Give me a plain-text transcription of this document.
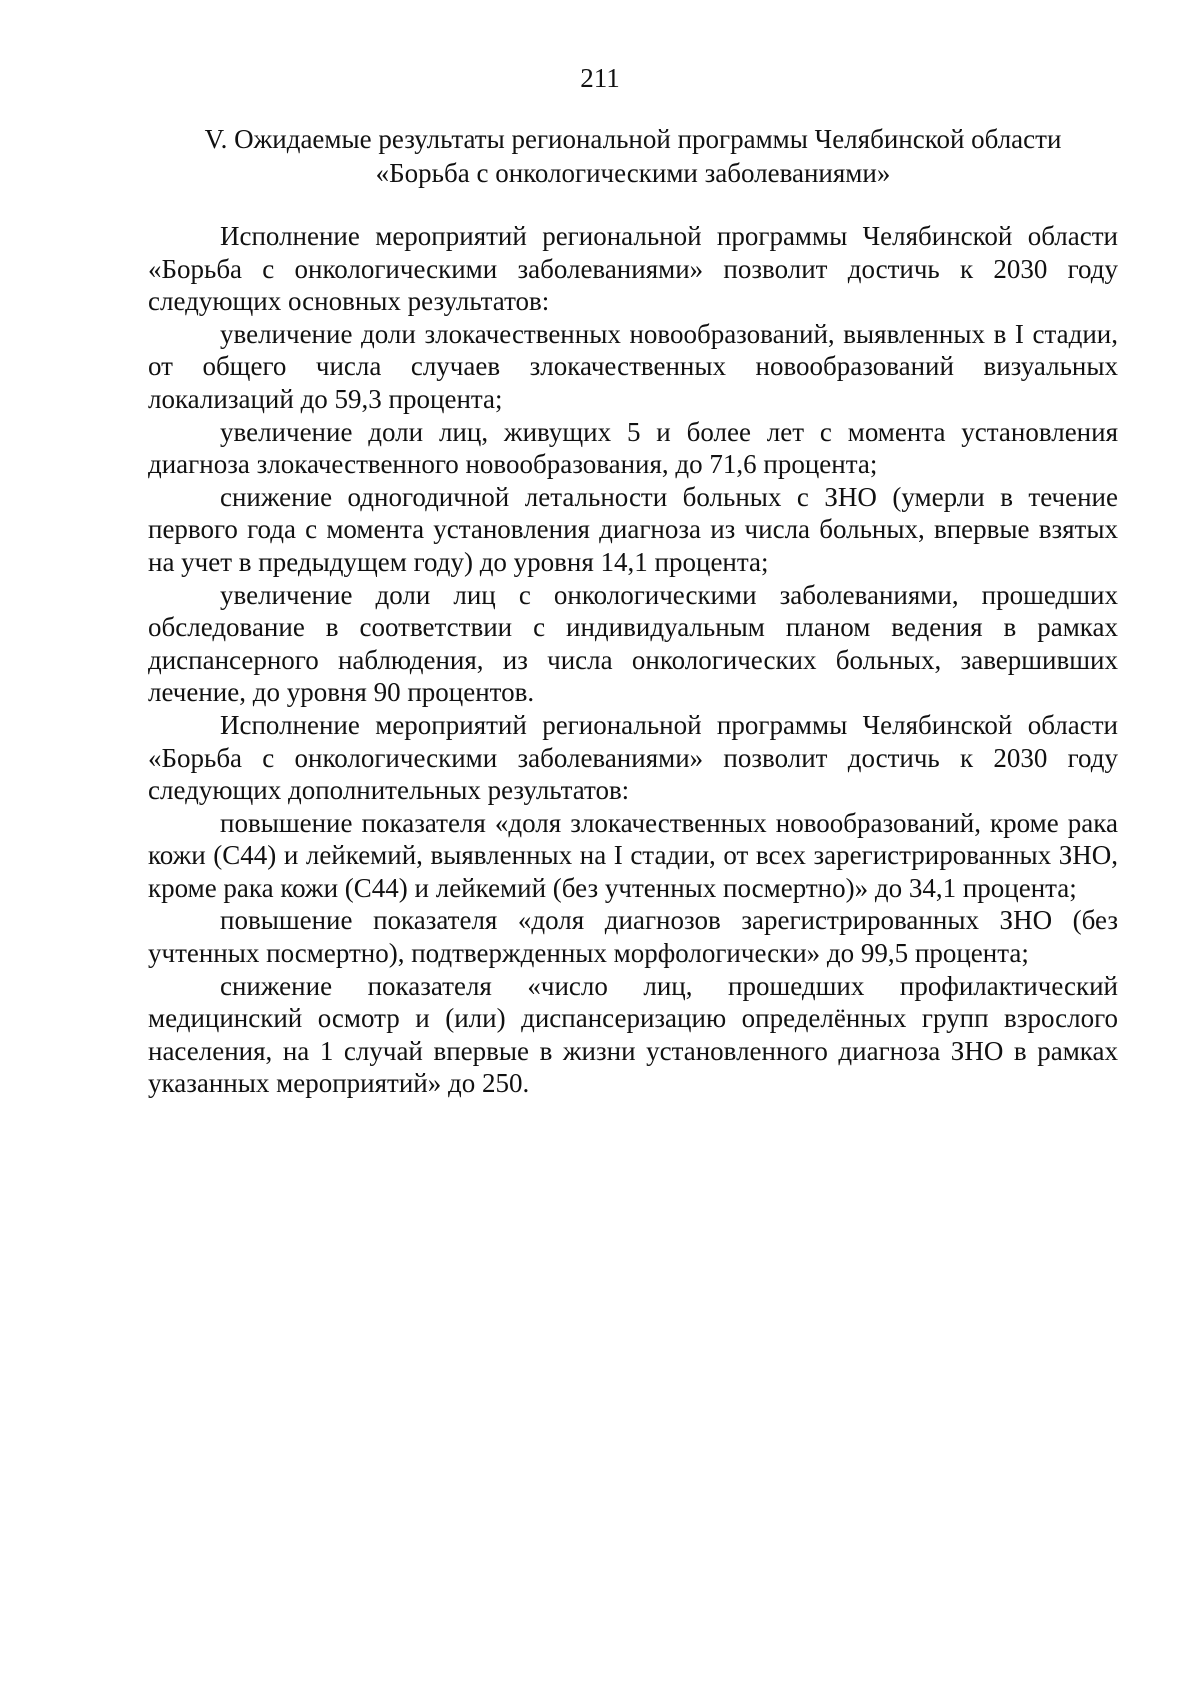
211
V. Ожидаемые результаты региональной программы Челябинской области
«Борьба с онкологическими заболеваниями»

Исполнение мероприятий региональной программы Челябинской области «Борьба с онкологическими заболеваниями» позволит достичь к 2030 году следующих основных результатов:

увеличение доли злокачественных новообразований, выявленных в I стадии, от общего числа случаев злокачественных новообразований визуальных локализаций до 59,3 процента;

увеличение доли лиц, живущих 5 и более лет с момента установления диагноза злокачественного новообразования, до 71,6 процента;

снижение одногодичной летальности больных с ЗНО (умерли в течение первого года с момента установления диагноза из числа больных, впервые взятых на учет в предыдущем году) до уровня 14,1 процента;

увеличение доли лиц с онкологическими заболеваниями, прошедших обследование в соответствии с индивидуальным планом ведения в рамках диспансерного наблюдения, из числа онкологических больных, завершивших лечение, до уровня 90 процентов.

Исполнение мероприятий региональной программы Челябинской области «Борьба с онкологическими заболеваниями» позволит достичь к 2030 году следующих дополнительных результатов:

повышение показателя «доля злокачественных новообразований, кроме рака кожи (С44) и лейкемий, выявленных на I стадии, от всех зарегистрированных ЗНО, кроме рака кожи (С44) и лейкемий (без учтенных посмертно)» до 34,1 процента;

повышение показателя «доля диагнозов зарегистрированных ЗНО (без учтенных посмертно), подтвержденных морфологически» до 99,5 процента;

снижение показателя «число лиц, прошедших профилактический медицинский осмотр и (или) диспансеризацию определённых групп взрослого населения, на 1 случай впервые в жизни установленного диагноза ЗНО в рамках указанных мероприятий» до 250.
